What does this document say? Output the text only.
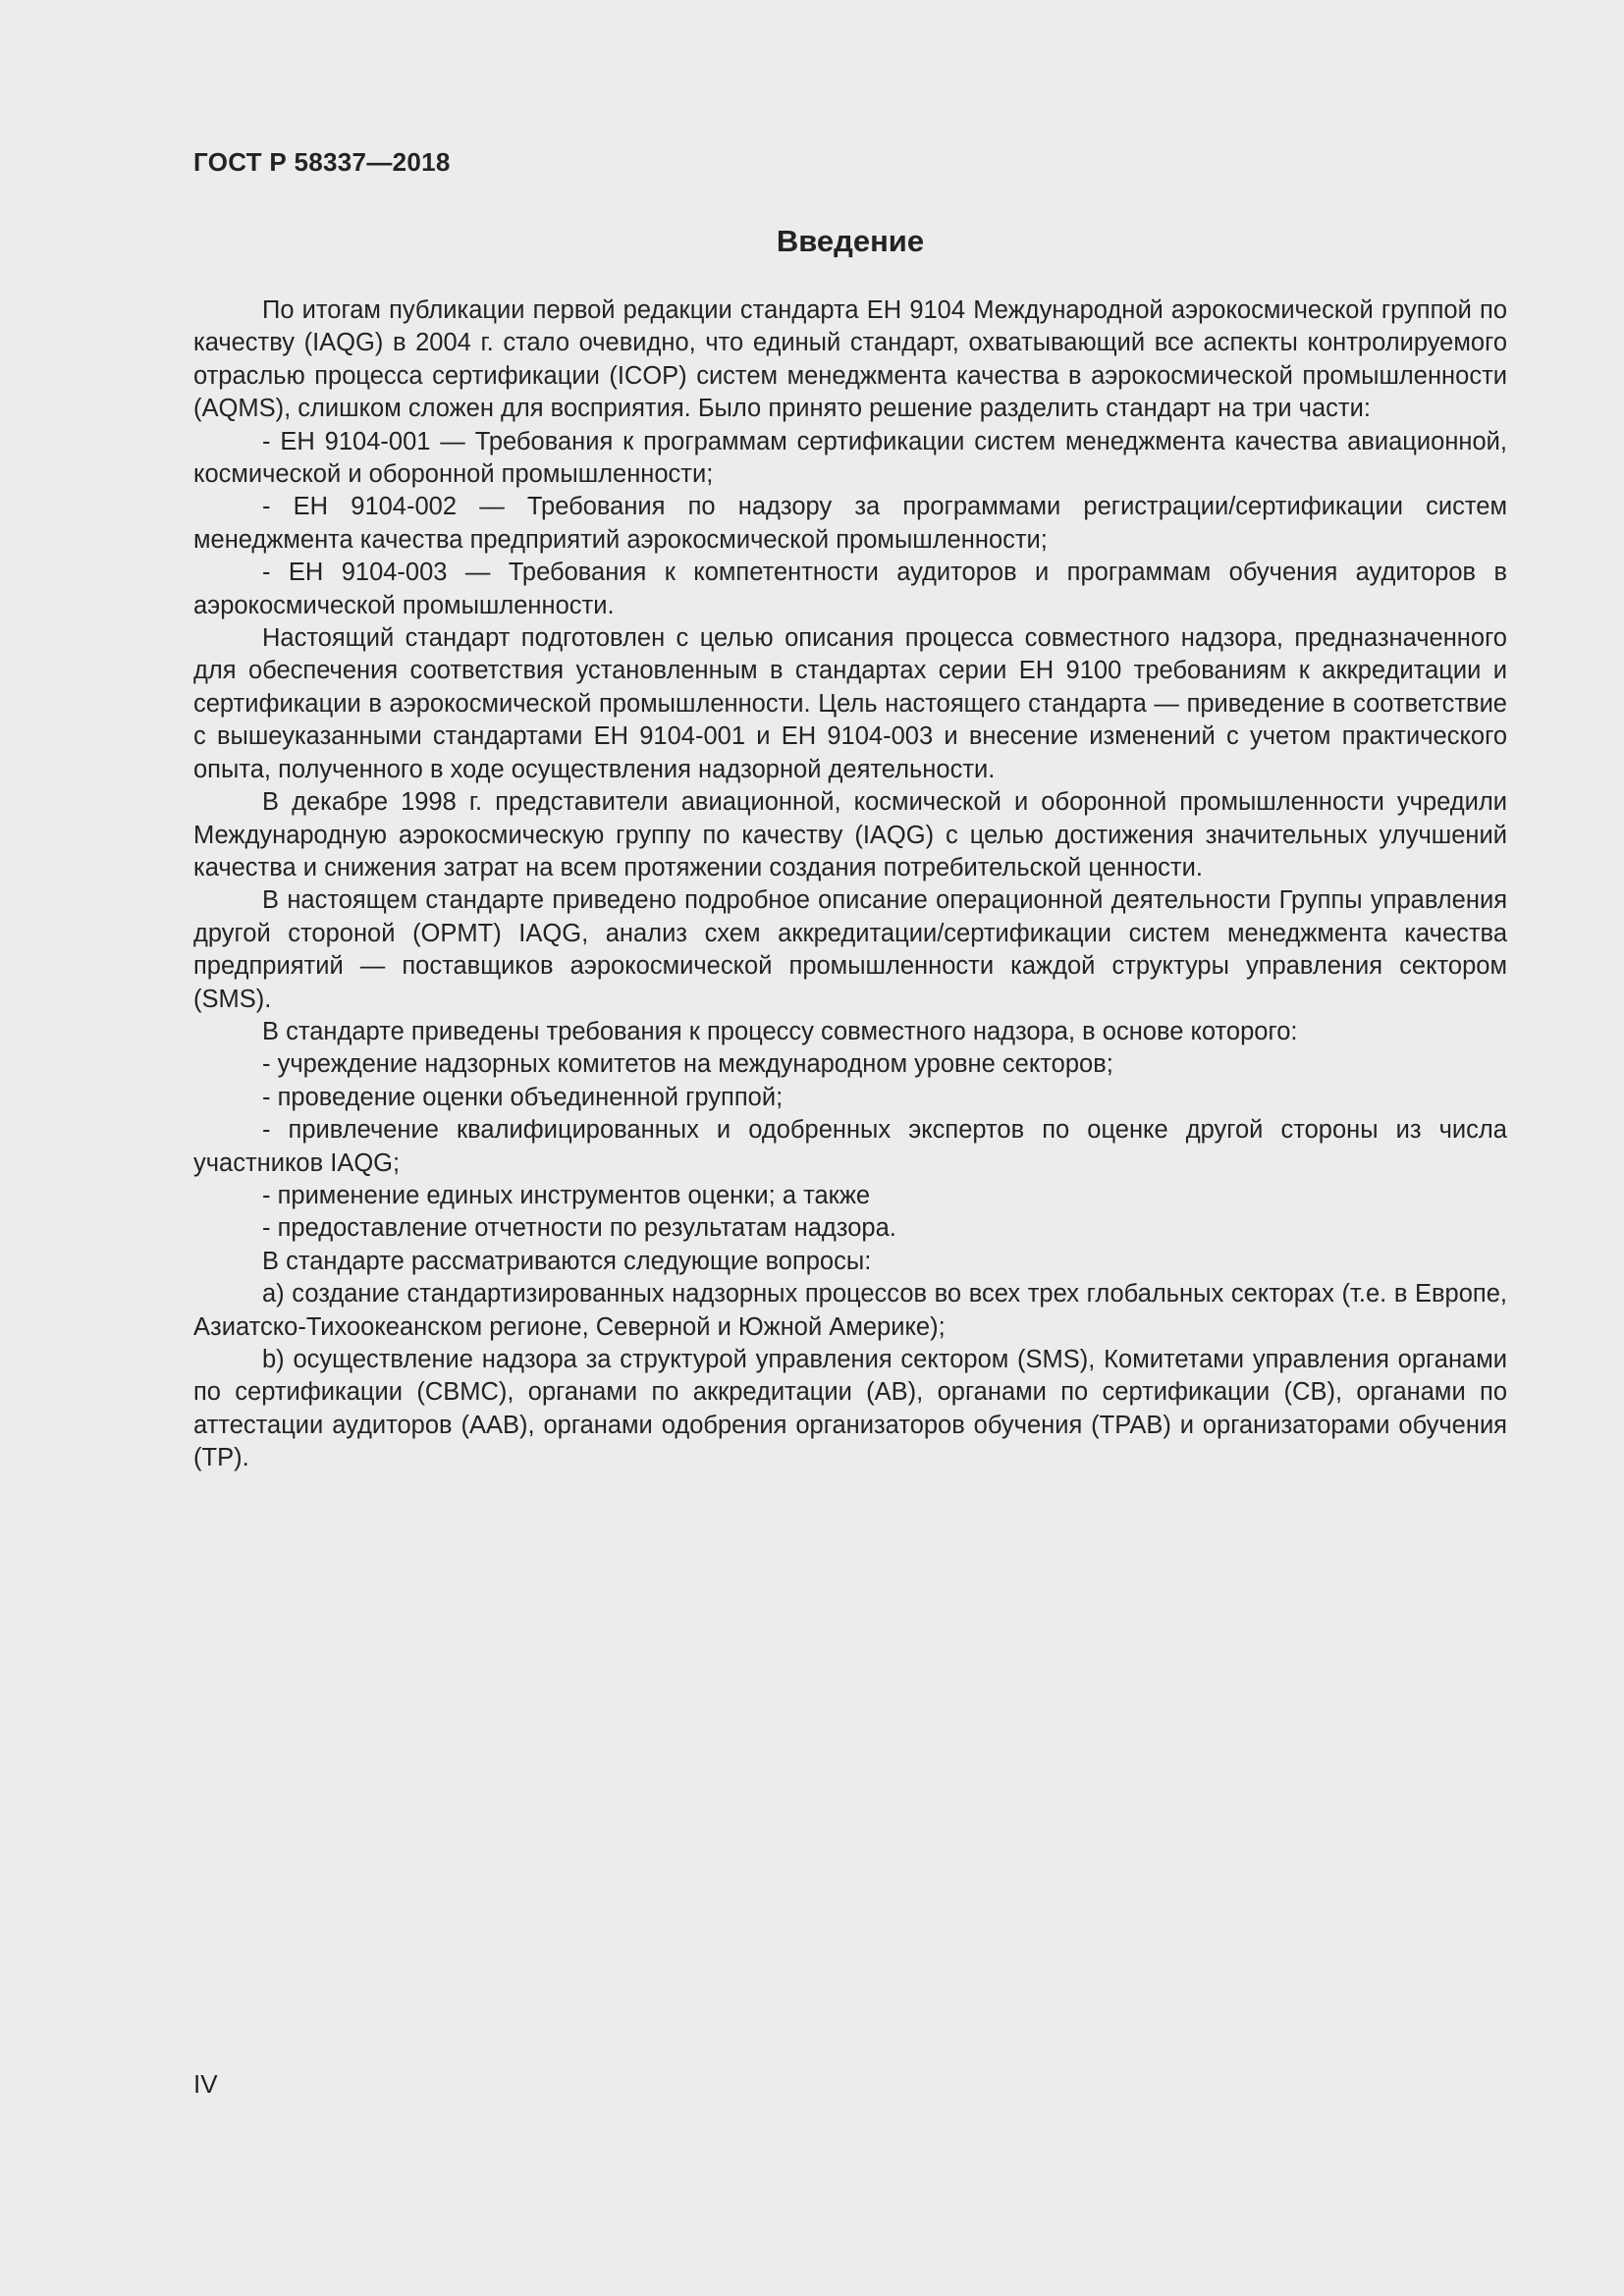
ГОСТ Р 58337—2018
Введение

По итогам публикации первой редакции стандарта ЕН 9104 Международной аэрокосмической группой по качеству (IAQG) в 2004 г. стало очевидно, что единый стандарт, охватывающий все аспекты контролируемого отраслью процесса сертификации (ICOP) систем менеджмента качества в аэрокосмической промышленности (AQMS), слишком сложен для восприятия. Было принято решение разделить стандарт на три части:

- ЕН 9104-001 — Требования к программам сертификации систем менеджмента качества авиационной, космической и оборонной промышленности;

- ЕН 9104-002 — Требования по надзору за программами регистрации/сертификации систем менеджмента качества предприятий аэрокосмической промышленности;

- ЕН 9104-003 — Требования к компетентности аудиторов и программам обучения аудиторов в аэрокосмической промышленности.

Настоящий стандарт подготовлен с целью описания процесса совместного надзора, предназначенного для обеспечения соответствия установленным в стандартах серии ЕН 9100 требованиям к аккредитации и сертификации в аэрокосмической промышленности. Цель настоящего стандарта — приведение в соответствие с вышеуказанными стандартами ЕН 9104-001 и ЕН 9104-003 и внесение изменений с учетом практического опыта, полученного в ходе осуществления надзорной деятельности.

В декабре 1998 г. представители авиационной, космической и оборонной промышленности учредили Международную аэрокосмическую группу по качеству (IAQG) с целью достижения значительных улучшений качества и снижения затрат на всем протяжении создания потребительской ценности.

В настоящем стандарте приведено подробное описание операционной деятельности Группы управления другой стороной (OPMT) IAQG, анализ схем аккредитации/сертификации систем менеджмента качества предприятий — поставщиков аэрокосмической промышленности каждой структуры управления сектором (SMS).

В стандарте приведены требования к процессу совместного надзора, в основе которого:

- учреждение надзорных комитетов на международном уровне секторов;

- проведение оценки объединенной группой;

- привлечение квалифицированных и одобренных экспертов по оценке другой стороны из числа участников IAQG;

- применение единых инструментов оценки; а также

- предоставление отчетности по результатам надзора.

В стандарте рассматриваются следующие вопросы:

a) создание стандартизированных надзорных процессов во всех трех глобальных секторах (т.е. в Европе, Азиатско-Тихоокеанском регионе, Северной и Южной Америке);

b) осуществление надзора за структурой управления сектором (SMS), Комитетами управления органами по сертификации (CBMC), органами по аккредитации (AB), органами по сертификации (CB), органами по аттестации аудиторов (AAB), органами одобрения организаторов обучения (TPAB) и организаторами обучения (TP).

IV
